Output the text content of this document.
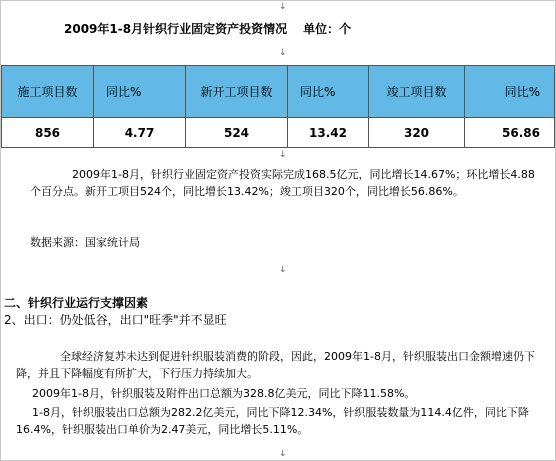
↓
2009年1-8月针织行业固定资产投资情况 单位：个
↓
施工项目数	同比%	新开工项目数	同比%	竣工项目数	同比%
856	4.77	524	13.42	320	56.86
↓
2009年1-8月，针织行业固定资产投资实际完成168.5亿元，同比增长14.67%；环比增长4.88个百分点。新开工项目524个，同比增长13.42%；竣工项目320个，同比增长56.86%。
数据来源：国家统计局
↓
二、针织行业运行支撑因素
2、出口：仍处低谷，出口"旺季"并不显旺
全球经济复苏未达到促进针织服装消费的阶段，因此，2009年1-8月，针织服装出口金额增速仍下降，并且下降幅度有所扩大，下行压力持续加大。
2009年1-8月，针织服装及附件出口总额为328.8亿美元，同比下降11.58%。
1-8月，针织服装出口总额为282.2亿美元，同比下降12.34%，针织服装数量为114.4亿件，同比下降16.4%，针织服装出口单价为2.47美元，同比增长5.11%。
↓
